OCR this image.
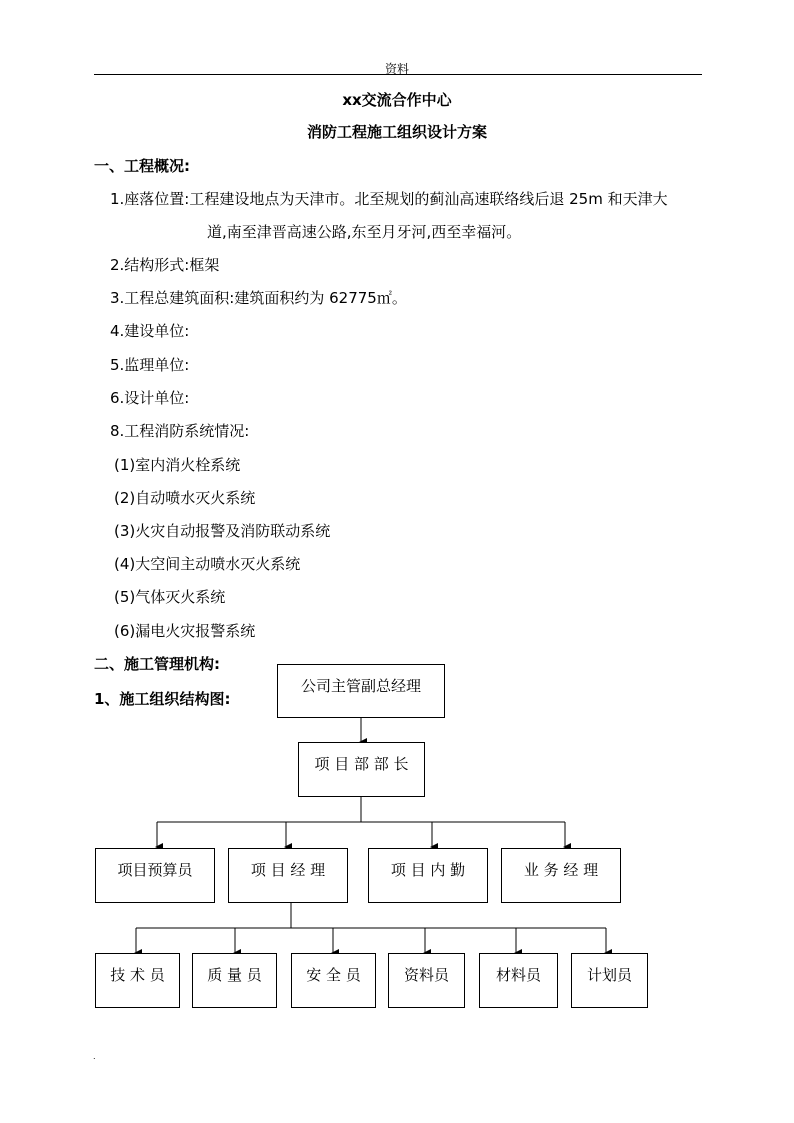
资料
xx交流合作中心
消防工程施工组织设计方案
一、工程概况:
1.座落位置:工程建设地点为天津市。北至规划的蓟汕高速联络线后退 25m 和天津大
道,南至津晋高速公路,东至月牙河,西至幸福河。
2.结构形式:框架
3.工程总建筑面积:建筑面积约为 62775㎡。
4.建设单位:
5.监理单位:
6.设计单位:
8.工程消防系统情况:
(1)室内消火栓系统
(2)自动喷水灭火系统
(3)火灾自动报警及消防联动系统
(4)大空间主动喷水灭火系统
(5)气体灭火系统
(6)漏电火灾报警系统
二、施工管理机构:
1、施工组织结构图:
公司主管副总经理
项 目 部 部 长
项目预算员	项 目 经 理	项 目 内 勤	业 务 经 理
技 术 员	质 量 员	安 全 员	资料员	材料员	计划员
.
